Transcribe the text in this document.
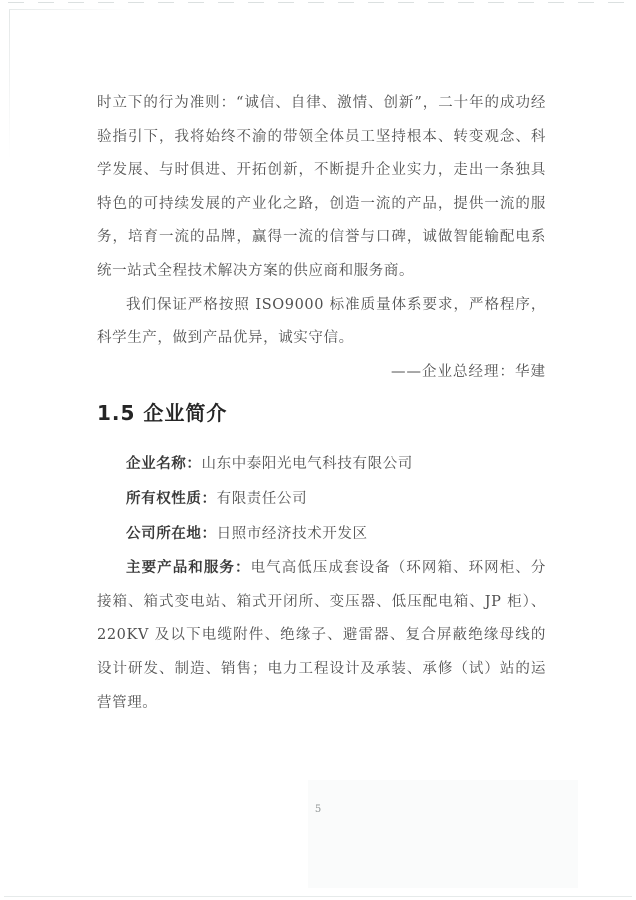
时立下的行为准则：“诚信、自律、激情、创新”，二十年的成功经验指引下，我将始终不渝的带领全体员工坚持根本、转变观念、科学发展、与时俱进、开拓创新，不断提升企业实力，走出一条独具特色的可持续发展的产业化之路，创造一流的产品，提供一流的服务，培育一流的品牌，赢得一流的信誉与口碑，诚做智能输配电系统一站式全程技术解决方案的供应商和服务商。

我们保证严格按照 ISO9000 标准质量体系要求，严格程序，科学生产，做到产品优异，诚实守信。

——企业总经理：华建

1.5 企业简介

企业名称：山东中泰阳光电气科技有限公司

所有权性质：有限责任公司

公司所在地：日照市经济技术开发区

主要产品和服务：电气高低压成套设备（环网箱、环网柜、分接箱、箱式变电站、箱式开闭所、变压器、低压配电箱、JP 柜）、220KV 及以下电缆附件、绝缘子、避雷器、复合屏蔽绝缘母线的设计研发、制造、销售；电力工程设计及承装、承修（试）站的运营管理。

5
